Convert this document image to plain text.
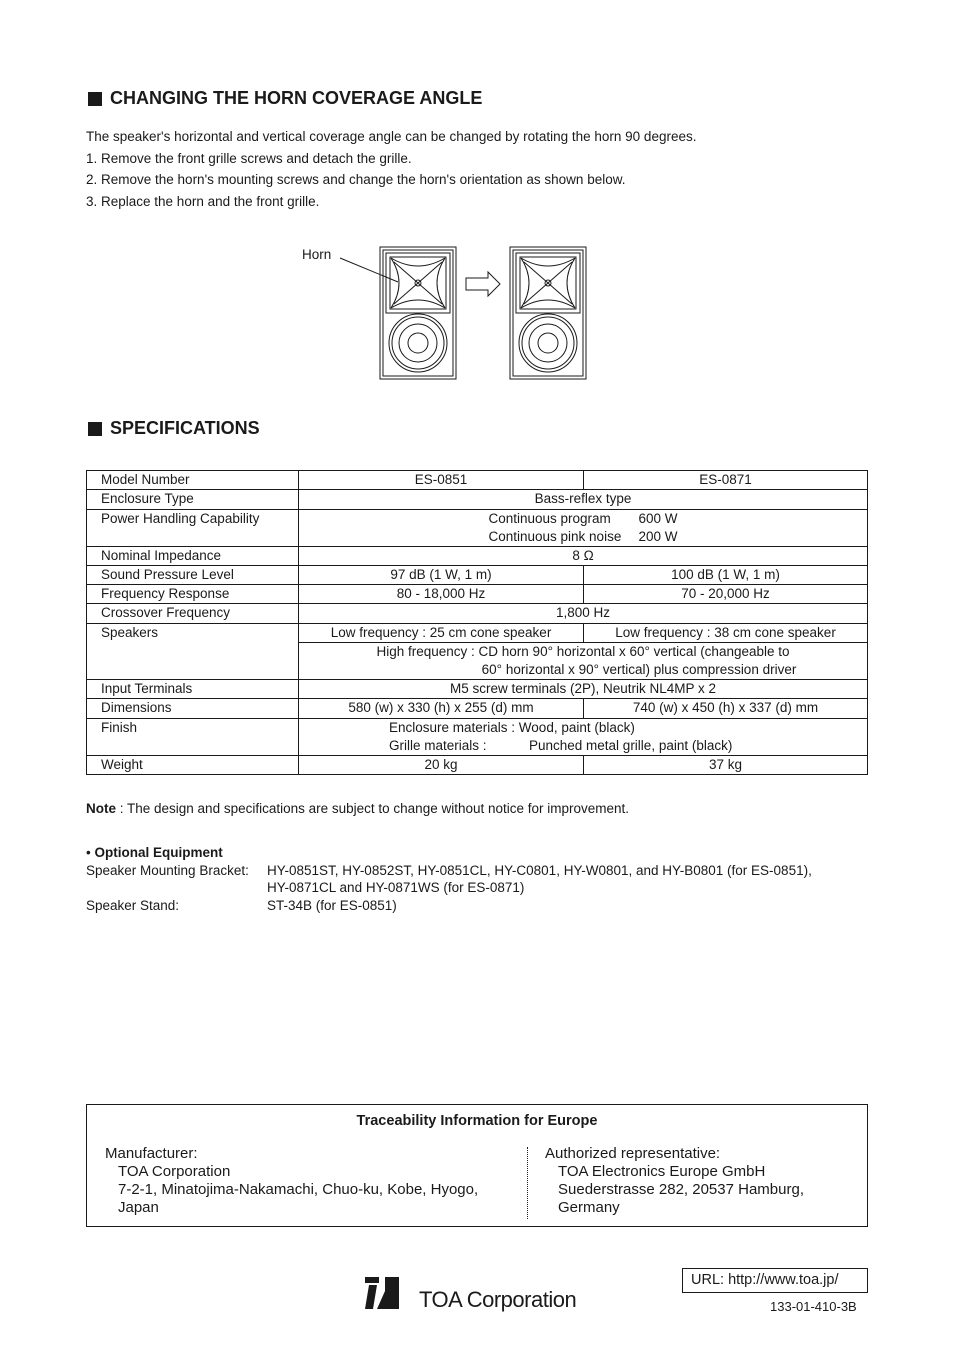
CHANGING THE HORN COVERAGE ANGLE
The speaker's horizontal and vertical coverage angle can be changed by rotating the horn 90 degrees.
1. Remove the front grille screws and detach the grille.
2. Remove the horn's mounting screws and change the horn's orientation as shown below.
3. Replace the horn and the front grille.
Horn
SPECIFICATIONS
Model Number	ES-0851	ES-0871
Enclosure Type	Bass-reflex type	
Power Handling Capability	Continuous program 600 W
Continuous pink noise 200 W	

Nominal Impedance	8 Ω	
Sound Pressure Level	97 dB (1 W, 1 m)	100 dB (1 W, 1 m)
Frequency Response	80 - 18,000 Hz	70 - 20,000 Hz
Crossover Frequency	1,800 Hz	
Speakers	Low frequency : 25 cm cone speaker	Low frequency : 38 cm cone speaker

	High frequency : CD horn 90° horizontal x 60° vertical (changeable to
60° horizontal x 90° vertical) plus compression driver	

Input Terminals	M5 screw terminals (2P), Neutrik NL4MP x 2	
Dimensions	580 (w) x 330 (h) x 255 (d) mm	740 (w) x 450 (h) x 337 (d) mm
Finish	Enclosure materials : Wood, paint (black)
Grille materials : Punched metal grille, paint (black)	

Weight	20 kg	37 kg
Note : The design and specifications are subject to change without notice for improvement.
•
Optional Equipment
Speaker Mounting Bracket:	HY-0851ST, HY-0852ST, HY-0851CL, HY-C0801, HY-W0801, and HY-B0801 (for ES-0851),
HY-0871CL and HY-0871WS (for ES-0871)
Speaker Stand:	ST-34B (for ES-0851)
Traceability Information for Europe
Manufacturer:
TOA Corporation
7-2-1, Minatojima-Nakamachi, Chuo-ku, Kobe, Hyogo,
Japan
Authorized representative:
TOA Electronics Europe GmbH
Suederstrasse 282, 20537 Hamburg,
Germany
URL: http://www.toa.jp/
TOA Corporation	133-01-410-3B
